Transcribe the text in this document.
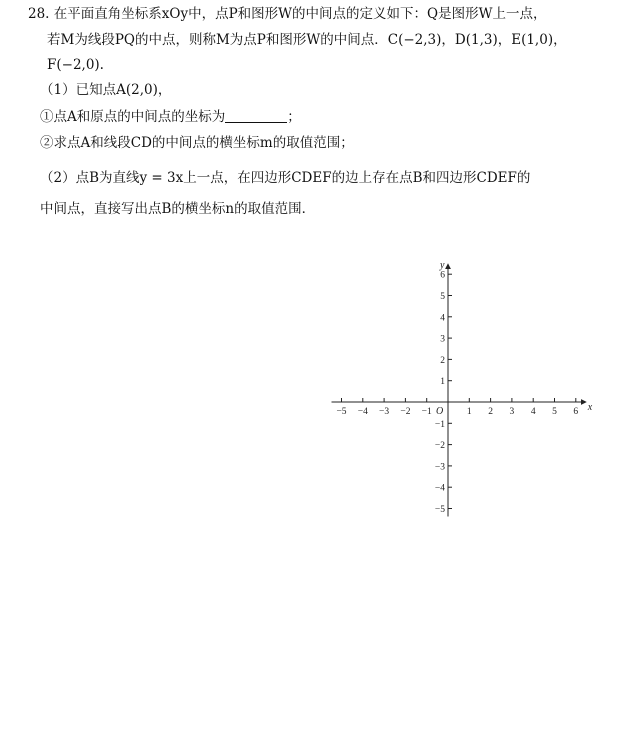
28. 在平面直角坐标系xOy中，点P和图形W的中间点的定义如下：Q是图形W上一点，
若M为线段PQ的中点，则称M为点P和图形W的中间点．C(−2,3)，D(1,3)，E(1,0)，
F(−2,0).
（1）已知点A(2,0)，
①点A和原点的中间点的坐标为	；
②求点A和线段CD的中间点的横坐标m的取值范围；
（2）点B为直线y = 3x上一点，在四边形CDEF的边上存在点B和四边形CDEF的
中间点，直接写出点B的横坐标n的取值范围．
−5 −4 −3 −2 −1	1 2 3 4 5 6
6
5
4
3
2
1
−1
−2
−3
−4
−5
x
y
O
